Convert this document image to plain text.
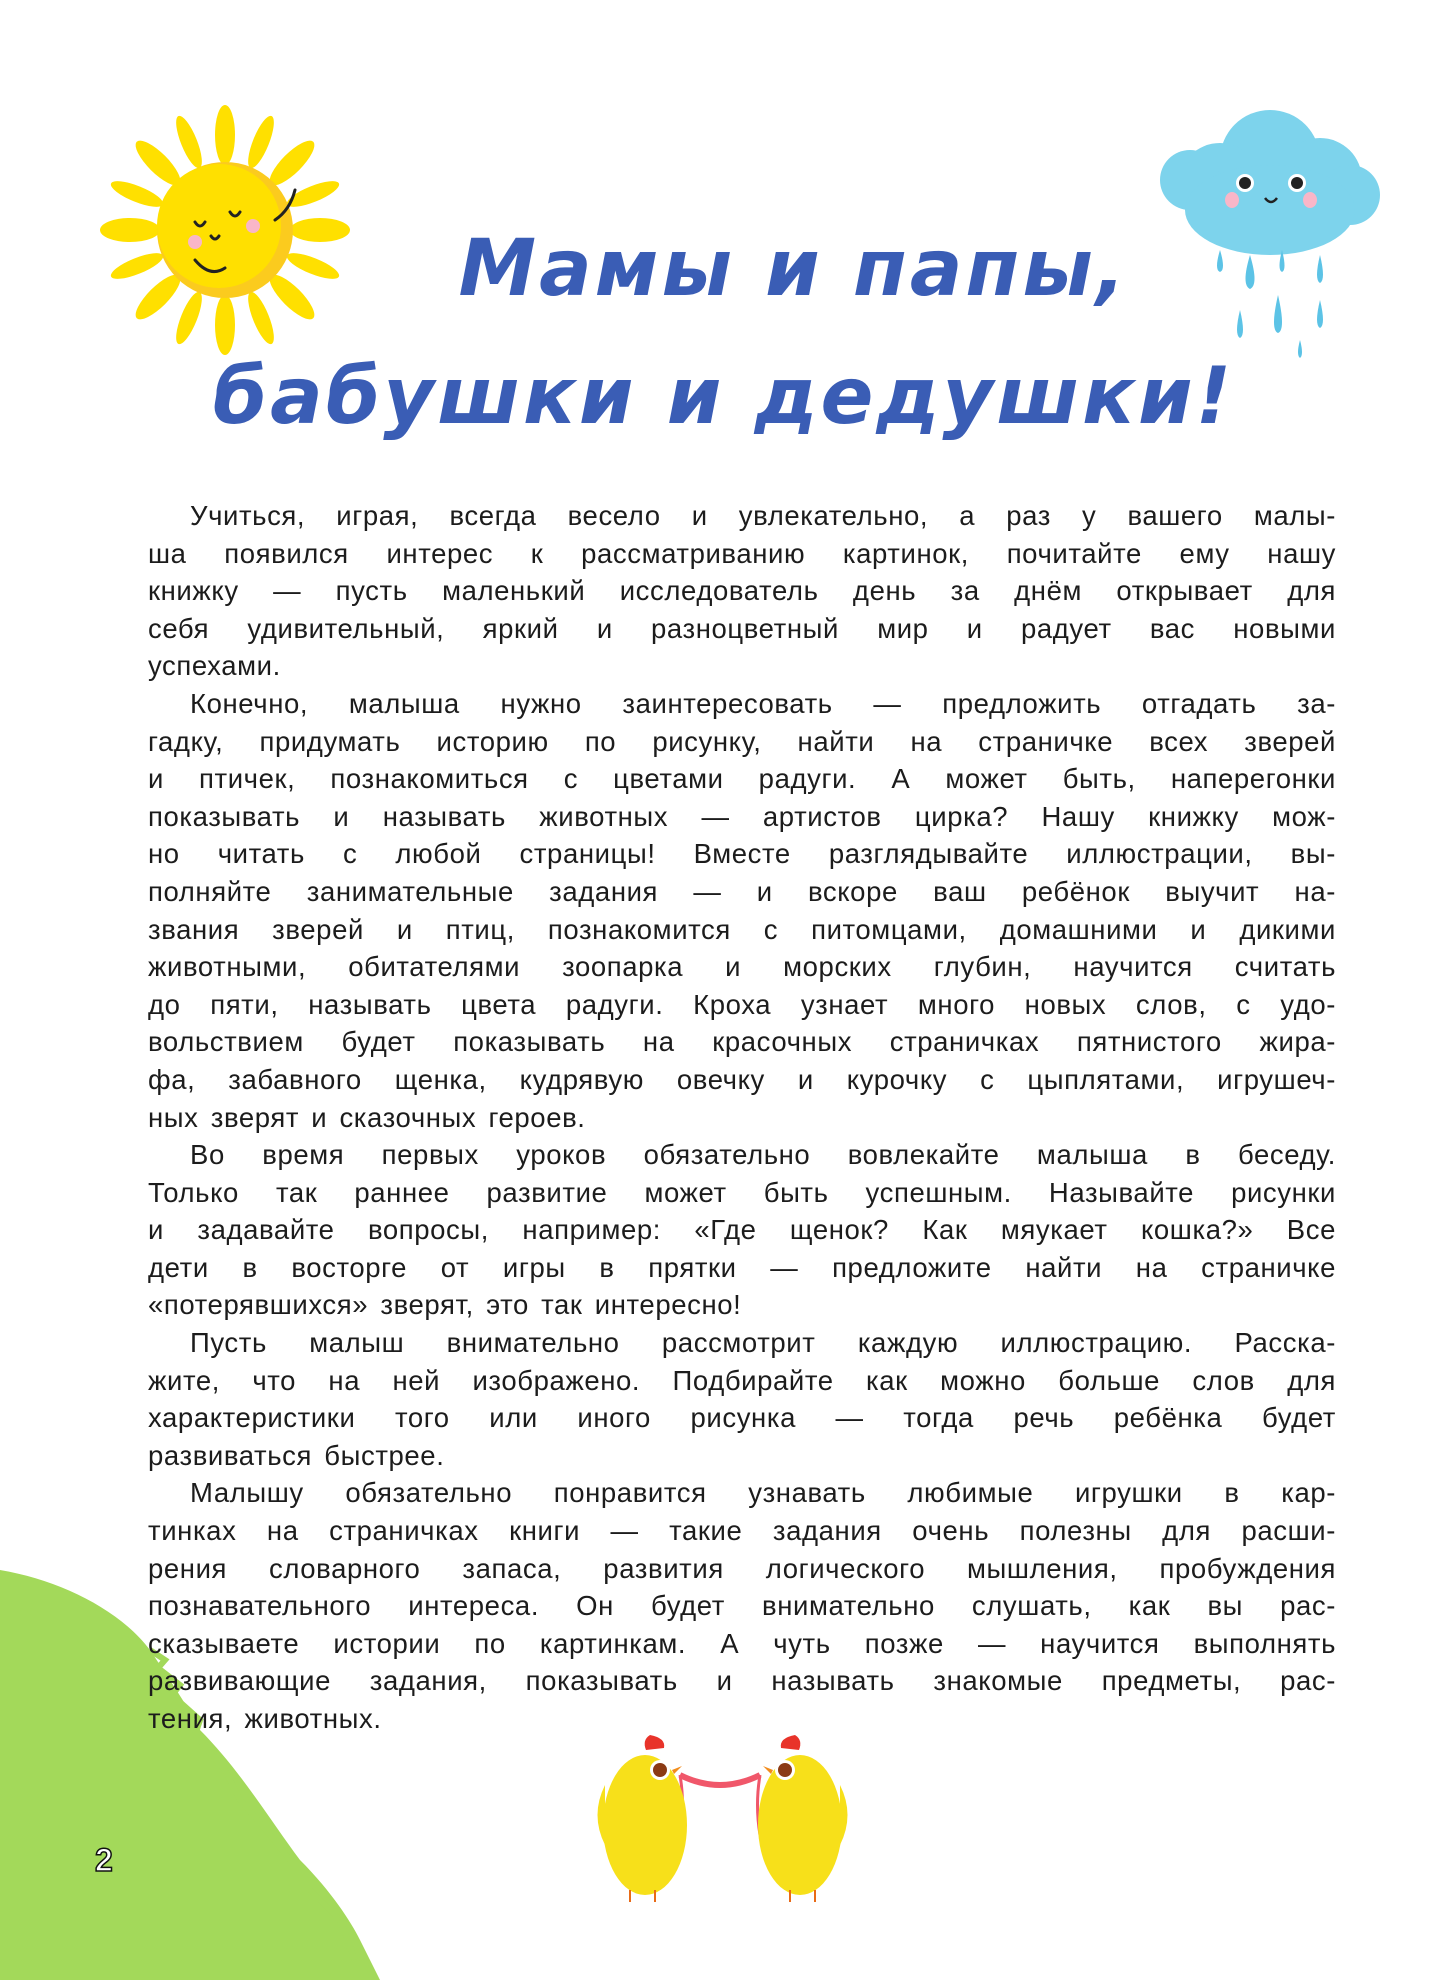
Мамы и папы,
бабушки и дедушки!
Учиться, играя, всегда весело и увлекательно, а раз у вашего малы-
ша появился интерес к рассматриванию картинок, почитайте ему нашу
книжку — пусть маленький исследователь день за днём открывает для
себя удивительный, яркий и разноцветный мир и радует вас новыми
успехами.
Конечно, малыша нужно заинтересовать — предложить отгадать за-
гадку, придумать историю по рисунку, найти на страничке всех зверей
и птичек, познакомиться с цветами радуги. А может быть, наперегонки
показывать и называть животных — артистов цирка? Нашу книжку мож-
но читать с любой страницы! Вместе разглядывайте иллюстрации, вы-
полняйте занимательные задания — и вскоре ваш ребёнок выучит на-
звания зверей и птиц, познакомится с питомцами, домашними и дикими
животными, обитателями зоопарка и морских глубин, научится считать
до пяти, называть цвета радуги. Кроха узнает много новых слов, с удо-
вольствием будет показывать на красочных страничках пятнистого жира-
фа, забавного щенка, кудрявую овечку и курочку с цыплятами, игрушеч-
ных зверят и сказочных героев.
Во время первых уроков обязательно вовлекайте малыша в беседу.
Только так раннее развитие может быть успешным. Называйте рисунки
и задавайте вопросы, например: «Где щенок? Как мяукает кошка?» Все
дети в восторге от игры в прятки — предложите найти на страничке
«потерявшихся» зверят, это так интересно!
Пусть малыш внимательно рассмотрит каждую иллюстрацию. Расска-
жите, что на ней изображено. Подбирайте как можно больше слов для
характеристики того или иного рисунка — тогда речь ребёнка будет
развиваться быстрее.
Малышу обязательно понравится узнавать любимые игрушки в кар-
тинках на страничках книги — такие задания очень полезны для расши-
рения словарного запаса, развития логического мышления, пробуждения
познавательного интереса. Он будет внимательно слушать, как вы рас-
сказываете истории по картинкам. А чуть позже — научится выполнять
развивающие задания, показывать и называть знакомые предметы, рас-
тения, животных.
2
